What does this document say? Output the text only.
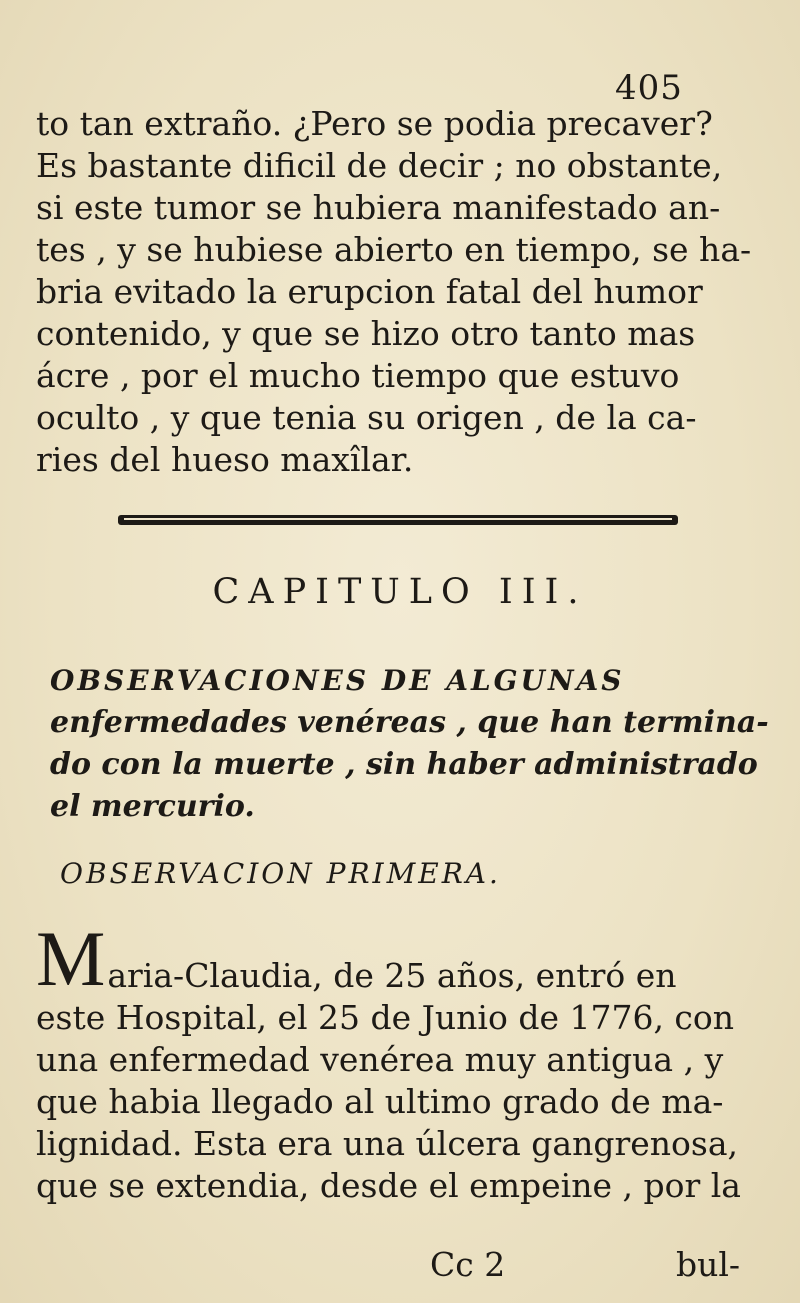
405
to tan extraño. ¿Pero se podia precaver?
Es bastante dificil de decir ; no obstante,
si este tumor se hubiera manifestado an-
tes , y se hubiese abierto en tiempo, se ha-
bria evitado la erupcion fatal del humor
contenido, y que se hizo otro tanto mas
ácre , por el mucho tiempo que estuvo
oculto , y que tenia su origen , de la ca-
ries del hueso maxîlar.
CAPITULO III.
OBSERVACIONES DE ALGUNAS
enfermedades venéreas , que han termina-
do con la muerte , sin haber administrado
el mercurio.
OBSERVACION PRIMERA.
M aria-Claudia, de 25 años, entró en
este Hospital, el 25 de Junio de 1776, con
una enfermedad venérea muy antigua , y
que habia llegado al ultimo grado de ma-
lignidad. Esta era una úlcera gangrenosa,
que se extendia, desde el empeine , por la
Cc 2	bul-
